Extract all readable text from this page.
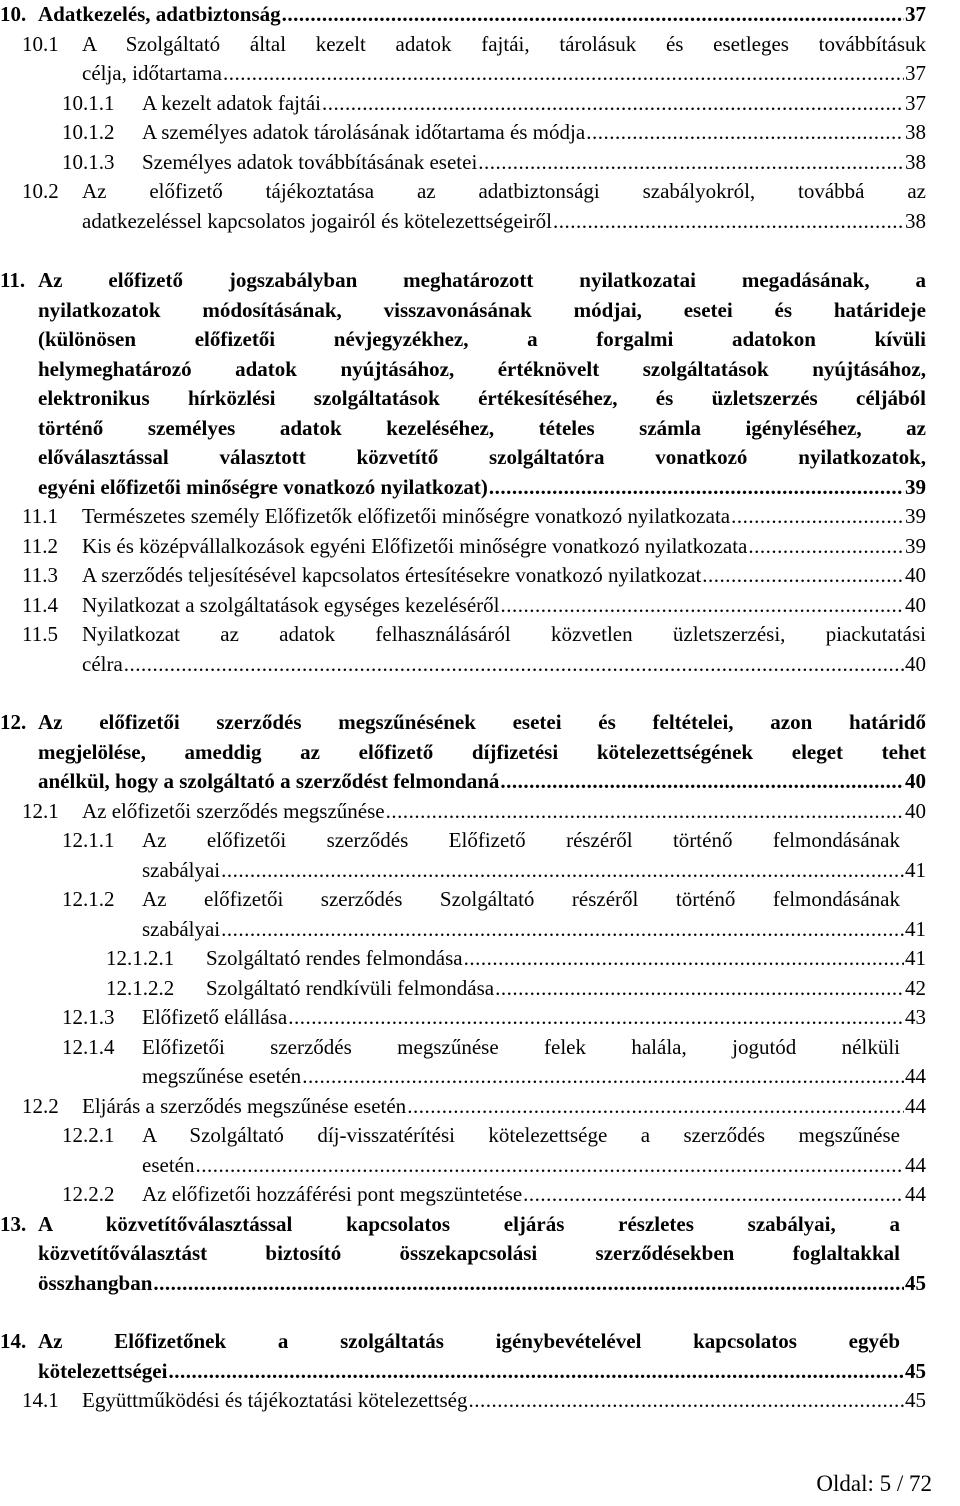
10. Adatkezelés, adatbiztonság .....	37
10.1	A Szolgáltató által kezelt adatok fajtái, tárolásuk és esetleges továbbításuk
célja, időtartama .....	37
10.1.1	A kezelt adatok fajtái .....	37
10.1.2	A személyes adatok tárolásának időtartama és módja .....	38
10.1.3	Személyes adatok továbbításának esetei .....	38
10.2	Az előfizető tájékoztatása az adatbiztonsági szabályokról, továbbá az
adatkezeléssel kapcsolatos jogairól és kötelezettségeiről .....	38
11. Az előfizető jogszabályban meghatározott nyilatkozatai megadásának, a
nyilatkozatok módosításának, visszavonásának módjai, esetei és határideje
(különösen előfizetői névjegyzékhez, a forgalmi adatokon kívüli
helymeghatározó adatok nyújtásához, értéknövelt szolgáltatások nyújtásához,
elektronikus hírközlési szolgáltatások értékesítéséhez, és üzletszerzés céljából
történő személyes adatok kezeléséhez, tételes számla igényléséhez, az
előválasztással választott közvetítő szolgáltatóra vonatkozó nyilatkozatok,
egyéni előfizetői minőségre vonatkozó nyilatkozat) .....	39
11.1	Természetes személy Előfizetők előfizetői minőségre vonatkozó nyilatkozata .....	39
11.2	Kis és középvállalkozások egyéni Előfizetői minőségre vonatkozó nyilatkozata .....	39
11.3	A szerződés teljesítésével kapcsolatos értesítésekre vonatkozó nyilatkozat .....	40
11.4	Nyilatkozat a szolgáltatások egységes kezeléséről .....	40
11.5	Nyilatkozat az adatok felhasználásáról közvetlen üzletszerzési, piackutatási
célra .....	40
12. Az előfizetői szerződés megszűnésének esetei és feltételei, azon határidő
megjelölése, ameddig az előfizető díjfizetési kötelezettségének eleget tehet
anélkül, hogy a szolgáltató a szerződést felmondaná .....	40
12.1	Az előfizetői szerződés megszűnése .....	40
12.1.1	Az előfizetői szerződés Előfizető részéről történő felmondásának
szabályai .....	41
12.1.2	Az előfizetői szerződés Szolgáltató részéről történő felmondásának
szabályai .....	41
12.1.2.1	Szolgáltató rendes felmondása .....	41
12.1.2.2	Szolgáltató rendkívüli felmondása .....	42
12.1.3	Előfizető elállása .....	43
12.1.4	Előfizetői szerződés megszűnése felek halála, jogutód nélküli
megszűnése esetén .....	44
12.2	Eljárás a szerződés megszűnése esetén .....	44
12.2.1	A Szolgáltató díj-visszatérítési kötelezettsége a szerződés megszűnése
esetén .....	44
12.2.2	Az előfizetői hozzáférési pont megszüntetése .....	44
13. A közvetítőválasztással kapcsolatos eljárás részletes szabályai, a
közvetítőválasztást biztosító összekapcsolási szerződésekben foglaltakkal
összhangban .....	45
14. Az Előfizetőnek a szolgáltatás igénybevételével kapcsolatos egyéb
kötelezettségei .....	45
14.1	Együttműködési és tájékoztatási kötelezettség .....	45
Oldal: 5 / 72
